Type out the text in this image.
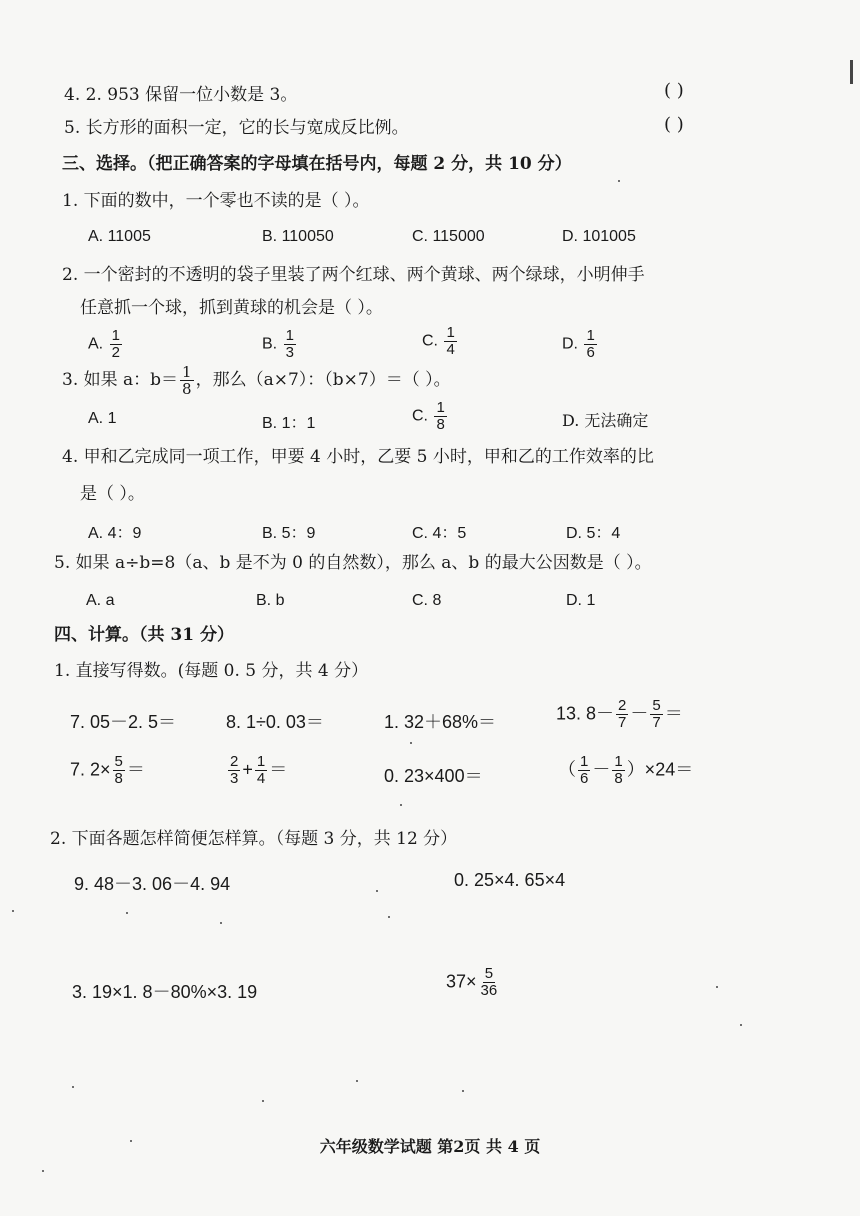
4. 2. 953 保留一位小数是 3。	( )
5. 长方形的面积一定，它的长与宽成反比例。	( )
三、选择。（把正确答案的字母填在括号内，每题 2 分，共 10 分）
1. 下面的数中，一个零也不读的是（ ）。
A. 11005	B. 110050	C. 115000	D. 101005
2. 一个密封的不透明的袋子里装了两个红球、两个黄球、两个绿球，小明伸手
任意抓一个球，抓到黄球的机会是（ ）。
A. $\frac{1}{2}$	B. $\frac{1}{3}$	C. $\frac{1}{4}$	D. $\frac{1}{6}$
3. 如果 a：$b= \frac{1}{8}$ ，那么（a×7）：（b×7）＝（ ）。
A. 1	B. 1：1	C. $\frac{1}{8}$	D. 无法确定
4. 甲和乙完成同一项工作，甲要 4 小时，乙要 5 小时，甲和乙的工作效率的比
是（ ）。
A. 4：9	B. 5：9	C. 4：5	D. 5：4
5. 如果 a÷b=8（a、b 是不为 0 的自然数），那么 a、b 的最大公因数是（ ）。
A. a	B. b	C. 8	D. 1
四、计算。（共 31 分）
1. 直接写得数。(每题 0. 5 分，共 4 分）
7. 05－2. 5＝	8. 1÷0. 03＝	1. 32＋68%＝	13. $8- \frac{2}{7} - \frac{5}{7}$ ＝
7. $2\times \frac{5}{8}$ ＝	$\frac{2}{3} + \frac{1}{4}$ ＝	0. 23×400＝	（ $\frac{1}{6} - \frac{1}{8} )\times 24=$
2. 下面各题怎样简便怎样算。（每题 3 分，共 12 分）
9. 48－3. 06－4. 94	0. 25×4. 65×4
3. 19×1. 8－80%×3. 19
$37\times \frac{5}{36}$
六年级数学试题 第2页 共 4 页
